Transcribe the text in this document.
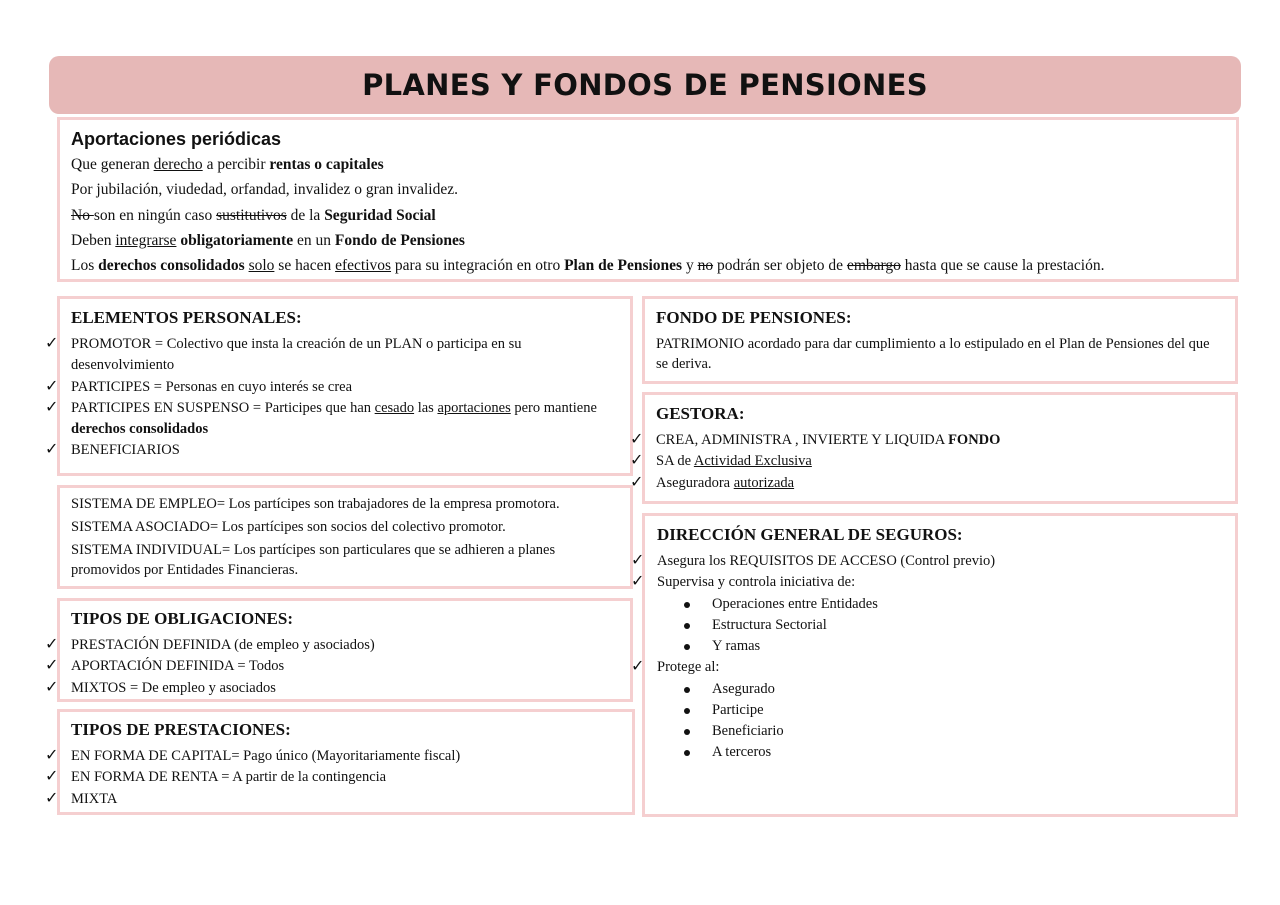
PLANES Y FONDOS DE PENSIONES
Aportaciones periódicas
Que generan derecho a percibir rentas o capitales
Por jubilación, viudedad, orfandad, invalidez o gran invalidez.
No son en ningún caso sustitutivos de la Seguridad Social
Deben integrarse obligatoriamente en un Fondo de Pensiones
Los derechos consolidados solo se hacen efectivos para su integración en otro Plan de Pensiones y no podrán ser objeto de embargo hasta que se cause la prestación.
ELEMENTOS PERSONALES:
✓ PROMOTOR = Colectivo que insta la creación de un PLAN o participa en su desenvolvimiento
✓ PARTICIPES = Personas en cuyo interés se crea
✓ PARTICIPES EN SUSPENSO = Participes que han cesado las aportaciones pero mantiene derechos consolidados
✓ BENEFICIARIOS
SISTEMA DE EMPLEO= Los partícipes son trabajadores de la empresa promotora.
SISTEMA ASOCIADO= Los partícipes son socios del colectivo promotor.
SISTEMA INDIVIDUAL= Los partícipes son particulares que se adhieren a planes promovidos por Entidades Financieras.
TIPOS DE OBLIGACIONES:
✓ PRESTACIÓN DEFINIDA (de empleo y asociados)
✓ APORTACIÓN DEFINIDA = Todos
✓ MIXTOS = De empleo y asociados
TIPOS DE PRESTACIONES:
✓ EN FORMA DE CAPITAL= Pago único (Mayoritariamente fiscal)
✓ EN FORMA DE RENTA = A partir de la contingencia
✓ MIXTA
FONDO DE PENSIONES:
PATRIMONIO acordado para dar cumplimiento a lo estipulado en el Plan de Pensiones del que se deriva.
GESTORA:
✓ CREA, ADMINISTRA , INVIERTE Y LIQUIDA FONDO
✓ SA de Actividad Exclusiva
✓ Aseguradora autorizada
DIRECCIÓN GENERAL DE SEGUROS:
✓ Asegura los REQUISITOS DE ACCESO (Control previo)
✓ Supervisa y controla iniciativa de:
Operaciones entre Entidades
Estructura Sectorial
Y ramas
✓ Protege al:
Asegurado
Participe
Beneficiario
A terceros
